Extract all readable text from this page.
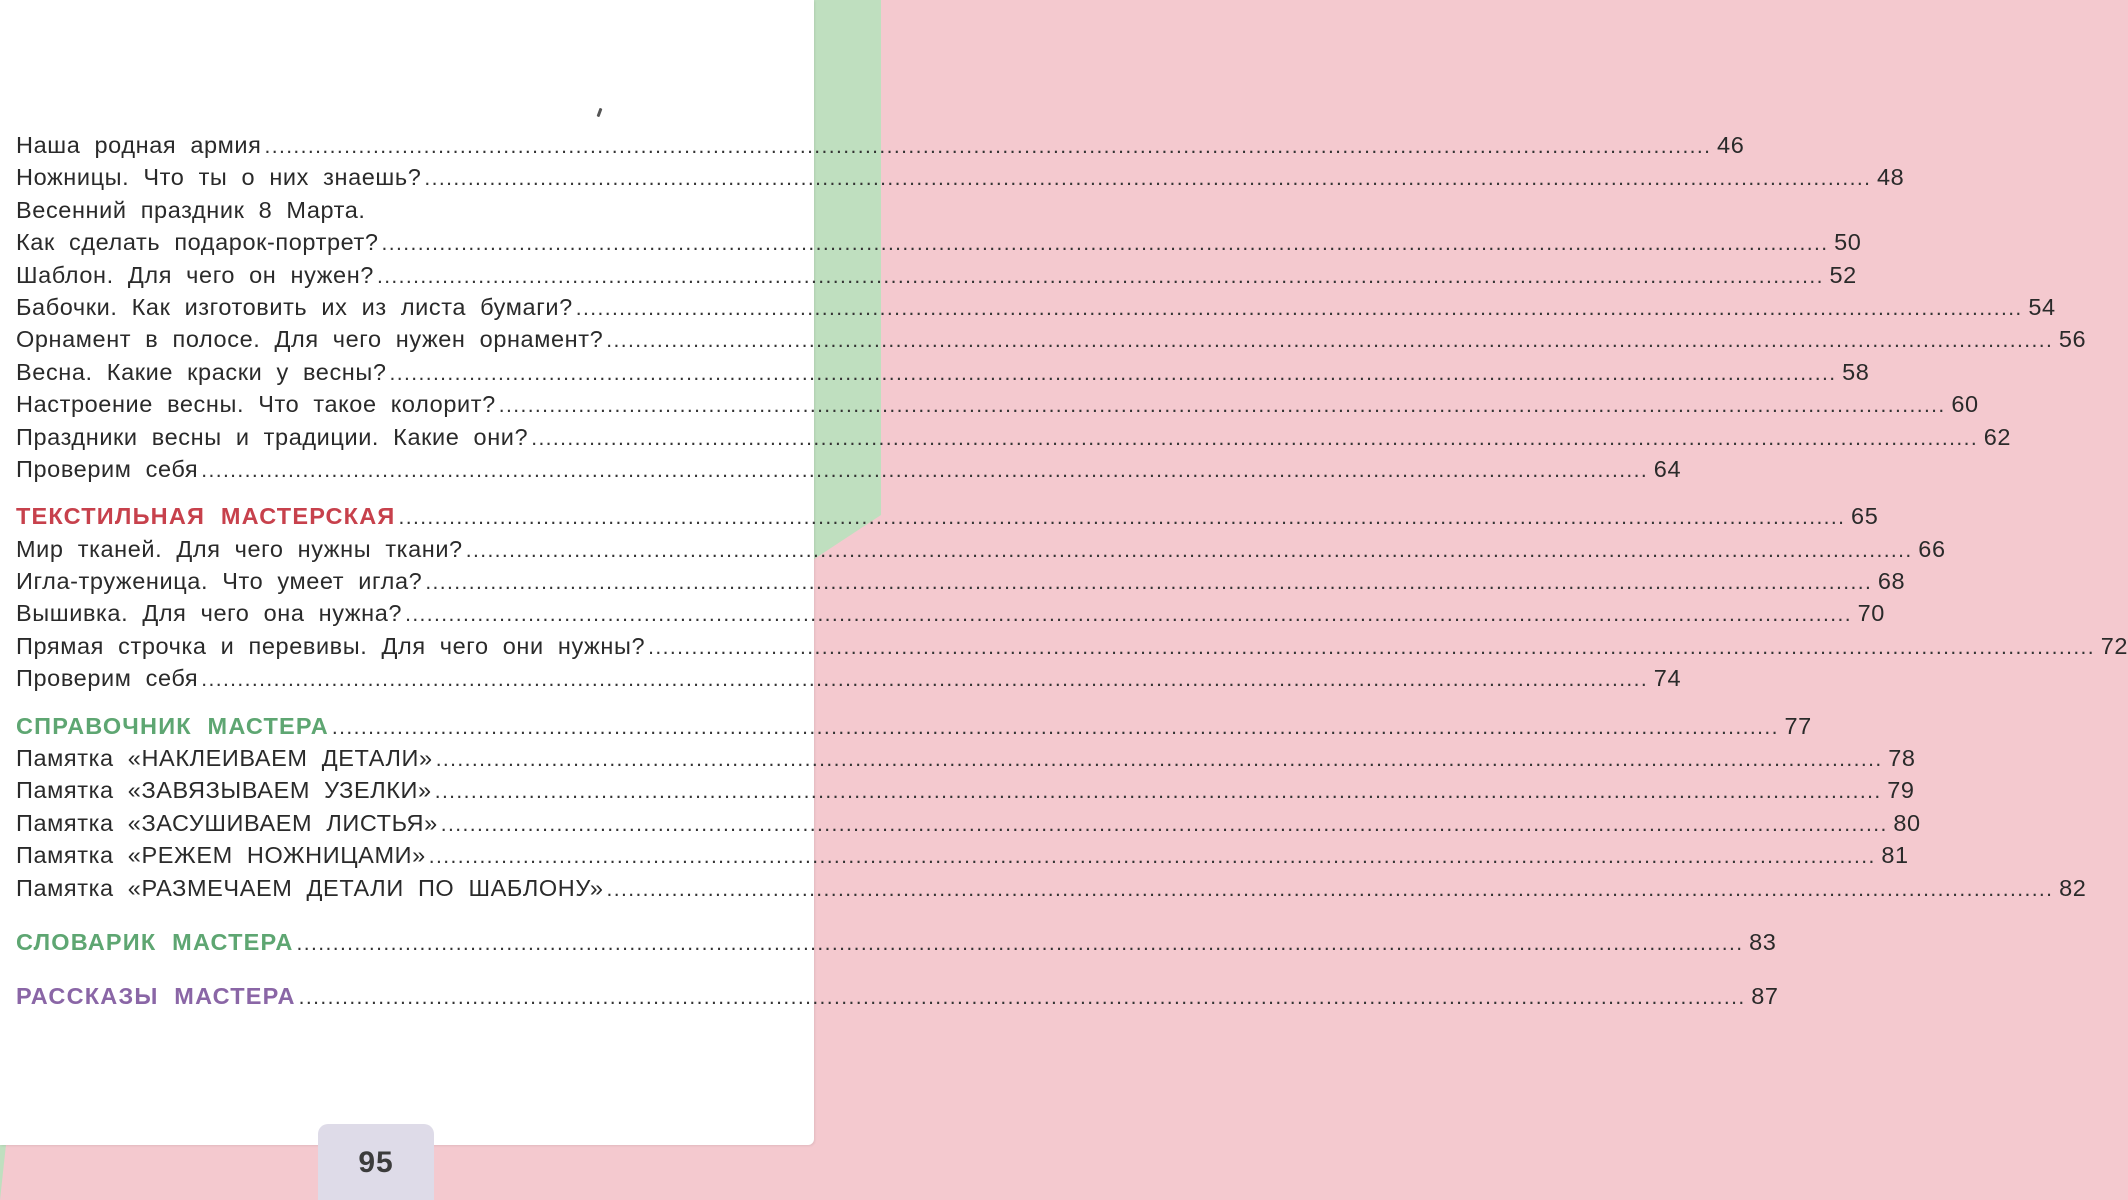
Наша родная армия ........................................................................................................................................................................................................ 46
Ножницы. Что ты о них знаешь? ........................................................................................................................................................................................................ 48
Весенний праздник 8 Марта.
Как сделать подарок-портрет? ........................................................................................................................................................................................................ 50
Шаблон. Для чего он нужен? ........................................................................................................................................................................................................ 52
Бабочки. Как изготовить их из листа бумаги? ........................................................................................................................................................................................................ 54
Орнамент в полосе. Для чего нужен орнамент? ........................................................................................................................................................................................................ 56
Весна. Какие краски у весны? ........................................................................................................................................................................................................ 58
Настроение весны. Что такое колорит? ........................................................................................................................................................................................................ 60
Праздники весны и традиции. Какие они? ........................................................................................................................................................................................................ 62
Проверим себя ........................................................................................................................................................................................................ 64
ТЕКСТИЛЬНАЯ МАСТЕРСКАЯ ........................................................................................................................................................................................................ 65
Мир тканей. Для чего нужны ткани? ........................................................................................................................................................................................................ 66
Игла-труженица. Что умеет игла? ........................................................................................................................................................................................................ 68
Вышивка. Для чего она нужна? ........................................................................................................................................................................................................ 70
Прямая строчка и перевивы. Для чего они нужны? ........................................................................................................................................................................................................ 72
Проверим себя ........................................................................................................................................................................................................ 74
СПРАВОЧНИК МАСТЕРА ........................................................................................................................................................................................................ 77
Памятка «НАКЛЕИВАЕМ ДЕТАЛИ» ........................................................................................................................................................................................................ 78
Памятка «ЗАВЯЗЫВАЕМ УЗЕЛКИ» ........................................................................................................................................................................................................ 79
Памятка «ЗАСУШИВАЕМ ЛИСТЬЯ» ........................................................................................................................................................................................................ 80
Памятка «РЕЖЕМ НОЖНИЦАМИ» ........................................................................................................................................................................................................ 81
Памятка «РАЗМЕЧАЕМ ДЕТАЛИ ПО ШАБЛОНУ» ........................................................................................................................................................................................................ 82
СЛОВАРИК МАСТЕРА ........................................................................................................................................................................................................ 83
РАССКАЗЫ МАСТЕРА ........................................................................................................................................................................................................ 87
95
